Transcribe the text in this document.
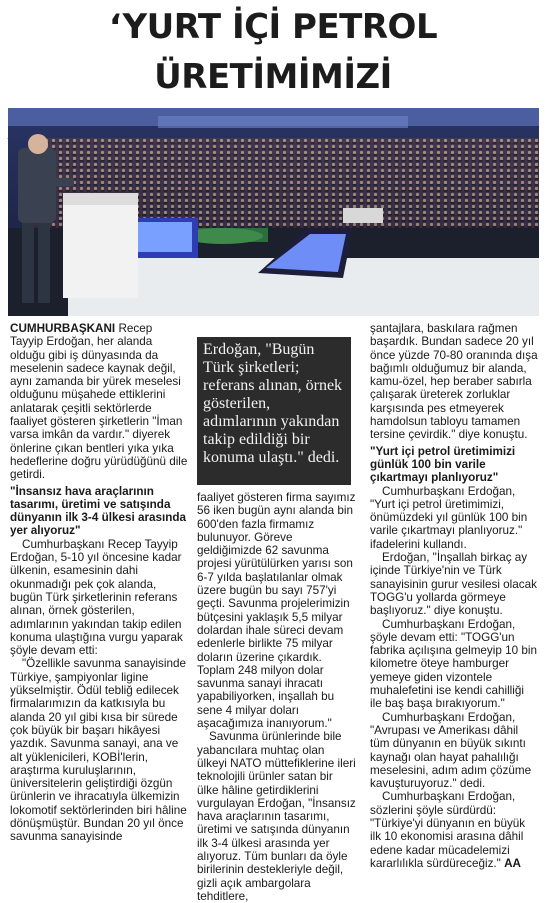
‘YURT İÇİ PETROL ÜRETİMİMİZİ

CUMHURBAŞKANI Recep Tayyip Erdoğan, her alanda olduğu gibi iş dünyasında da meselenin sadece kaynak değil, aynı zamanda bir yürek meselesi olduğunu müşahede ettiklerini anlatarak çeşitli sektörlerde faaliyet gösteren şirketlerin "İman varsa imkân da vardır." diyerek önlerine çıkan bentleri yıka yıka hedeflerine doğru yürüdüğünü dile getirdi.

"İnsansız hava araçlarının tasarımı, üretimi ve satışında dünyanın ilk 3-4 ülkesi arasında yer alıyoruz"

Cumhurbaşkanı Recep Tayyip Erdoğan, 5-10 yıl öncesine kadar ülkenin, esamesinin dahi okunmadığı pek çok alanda, bugün Türk şirketlerinin referans alınan, örnek gösterilen, adımlarının yakından takip edilen konuma ulaştığına vurgu yaparak şöyle devam etti:

"Özellikle savunma sanayisinde Türkiye, şampiyonlar ligine yükselmiştir. Ödül tebliğ edilecek firmalarımızın da katkısıyla bu alanda 20 yıl gibi kısa bir sürede çok büyük bir başarı hikâyesi yazdık. Savunma sanayi, ana ve alt yüklenicileri, KOBİ'lerin, araştırma kuruluşlarının, üniversitelerin geliştirdiği özgün ürünlerin ve ihracatıyla ülkemizin lokomotif sektörlerinden biri hâline dönüşmüştür. Bundan 20 yıl önce savunma sanayisinde

Erdoğan, "Bugün Türk şirketleri; referans alınan, örnek gösterilen, adımlarının yakından takip edildiği bir konuma ulaştı." dedi.

faaliyet gösteren firma sayımız 56 iken bugün aynı alanda bin 600'den fazla firmamız bulunuyor. Göreve geldiğimizde 62 savunma projesi yürütülürken yarısı son 6-7 yılda başlatılanlar olmak üzere bugün bu sayı 757'yi geçti. Savunma projelerimizin bütçesini yaklaşık 5,5 milyar dolardan ihale süreci devam edenlerle birlikte 75 milyar doların üzerine çıkardık. Toplam 248 milyon dolar savunma sanayi ihracatı yapabiliyorken, inşallah bu sene 4 milyar doları aşacağımıza inanıyorum."

Savunma ürünlerinde bile yabancılara muhtaç olan ülkeyi NATO müttefiklerine ileri teknolojili ürünler satan bir ülke hâline getirdiklerini vurgulayan Erdoğan, "İnsansız hava araçlarının tasarımı, üretimi ve satışında dünyanın ilk 3-4 ülkesi arasında yer alıyoruz. Tüm bunları da öyle birilerinin destekleriyle değil, gizli açık ambargolara tehditlere,

şantajlara, baskılara rağmen başardık. Bundan sadece 20 yıl önce yüzde 70-80 oranında dışa bağımlı olduğumuz bir alanda, kamu-özel, hep beraber sabırla çalışarak üreterek zorluklar karşısında pes etmeyerek hamdolsun tabloyu tamamen tersine çevirdik." diye konuştu.

"Yurt içi petrol üretimimizi günlük 100 bin varile çıkartmayı planlıyoruz"

Cumhurbaşkanı Erdoğan, "Yurt içi petrol üretimimizi, önümüzdeki yıl günlük 100 bin varile çıkartmayı planlıyoruz." ifadelerini kullandı.

Erdoğan, "İnşallah birkaç ay içinde Türkiye'nin ve Türk sanayisinin gurur vesilesi olacak TOGG'u yollarda görmeye başlıyoruz." diye konuştu.

Cumhurbaşkanı Erdoğan, şöyle devam etti: "TOGG'un fabrika açılışına gelmeyip 10 bin kilometre öteye hamburger yemeye giden vizontele muhalefetini ise kendi cahilliği ile baş başa bırakıyorum."

Cumhurbaşkanı Erdoğan, "Avrupası ve Amerikası dâhil tüm dünyanın en büyük sıkıntı kaynağı olan hayat pahalılığı meselesini, adım adım çözüme kavuşturuyoruz." dedi.

Cumhurbaşkanı Erdoğan, sözlerini şöyle sürdürdü: "Türkiye'yi dünyanın en büyük ilk 10 ekonomisi arasına dâhil edene kadar mücadelemizi kararlılıkla sürdüreceğiz." AA
